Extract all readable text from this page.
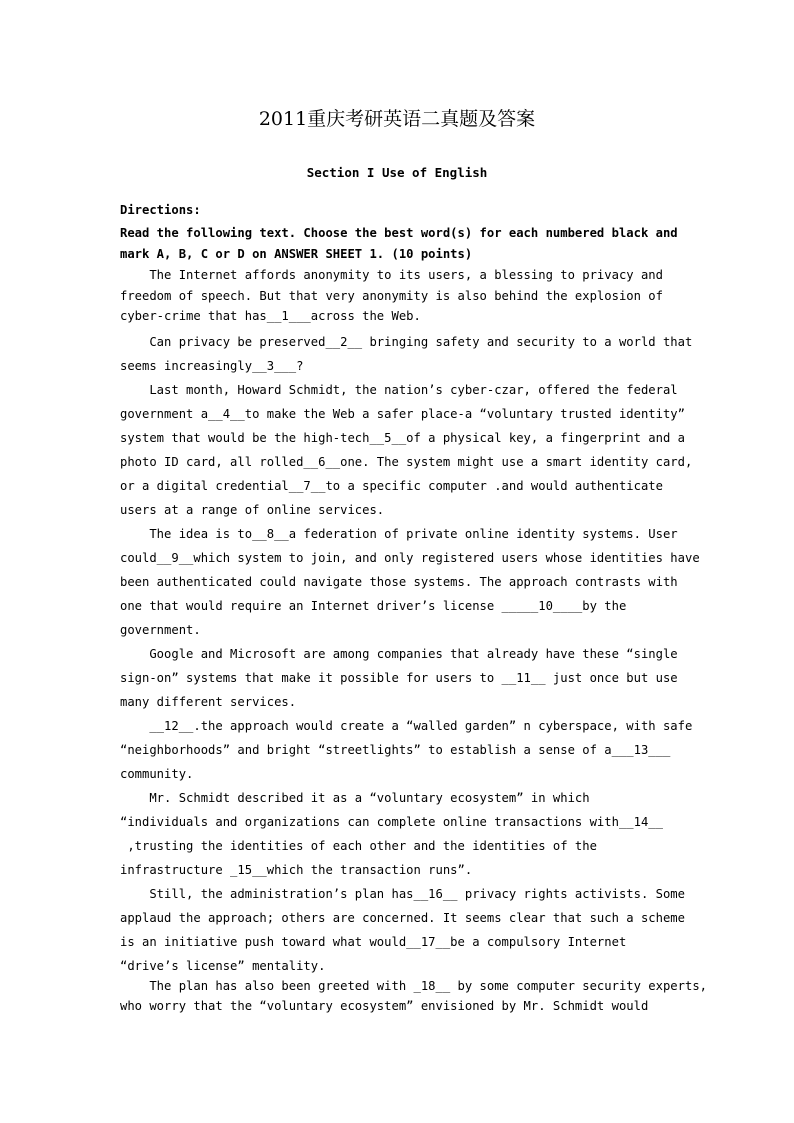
2011重庆考研英语二真题及答案
Section I Use of English
Directions:
Read the following text. Choose the best word(s) for each numbered black and
mark A, B, C or D on ANSWER SHEET 1. (10 points)
The Internet affords anonymity to its users, a blessing to privacy and
freedom of speech. But that very anonymity is also behind the explosion of
cyber-crime that has__1___across the Web.
Can privacy be preserved__2__ bringing safety and security to a world that
seems increasingly__3___?
Last month, Howard Schmidt, the nation’s cyber-czar, offered the federal
government a__4__to make the Web a safer place-a “voluntary trusted identity”
system that would be the high-tech__5__of a physical key, a fingerprint and a
photo ID card, all rolled__6__one. The system might use a smart identity card,
or a digital credential__7__to a specific computer .and would authenticate
users at a range of online services.
The idea is to__8__a federation of private online identity systems. User
could__9__which system to join, and only registered users whose identities have
been authenticated could navigate those systems. The approach contrasts with
one that would require an Internet driver’s license _____10____by the
government.
Google and Microsoft are among companies that already have these “single
sign-on” systems that make it possible for users to __11__ just once but use
many different services.
__12__.the approach would create a “walled garden” n cyberspace, with safe
“neighborhoods” and bright “streetlights” to establish a sense of a___13___
community.
Mr. Schmidt described it as a “voluntary ecosystem” in which
“individuals and organizations can complete online transactions with__14__
,trusting the identities of each other and the identities of the
infrastructure _15__which the transaction runs”.
Still, the administration’s plan has__16__ privacy rights activists. Some
applaud the approach; others are concerned. It seems clear that such a scheme
is an initiative push toward what would__17__be a compulsory Internet
“drive’s license” mentality.
The plan has also been greeted with _18__ by some computer security experts,
who worry that the “voluntary ecosystem” envisioned by Mr. Schmidt would
